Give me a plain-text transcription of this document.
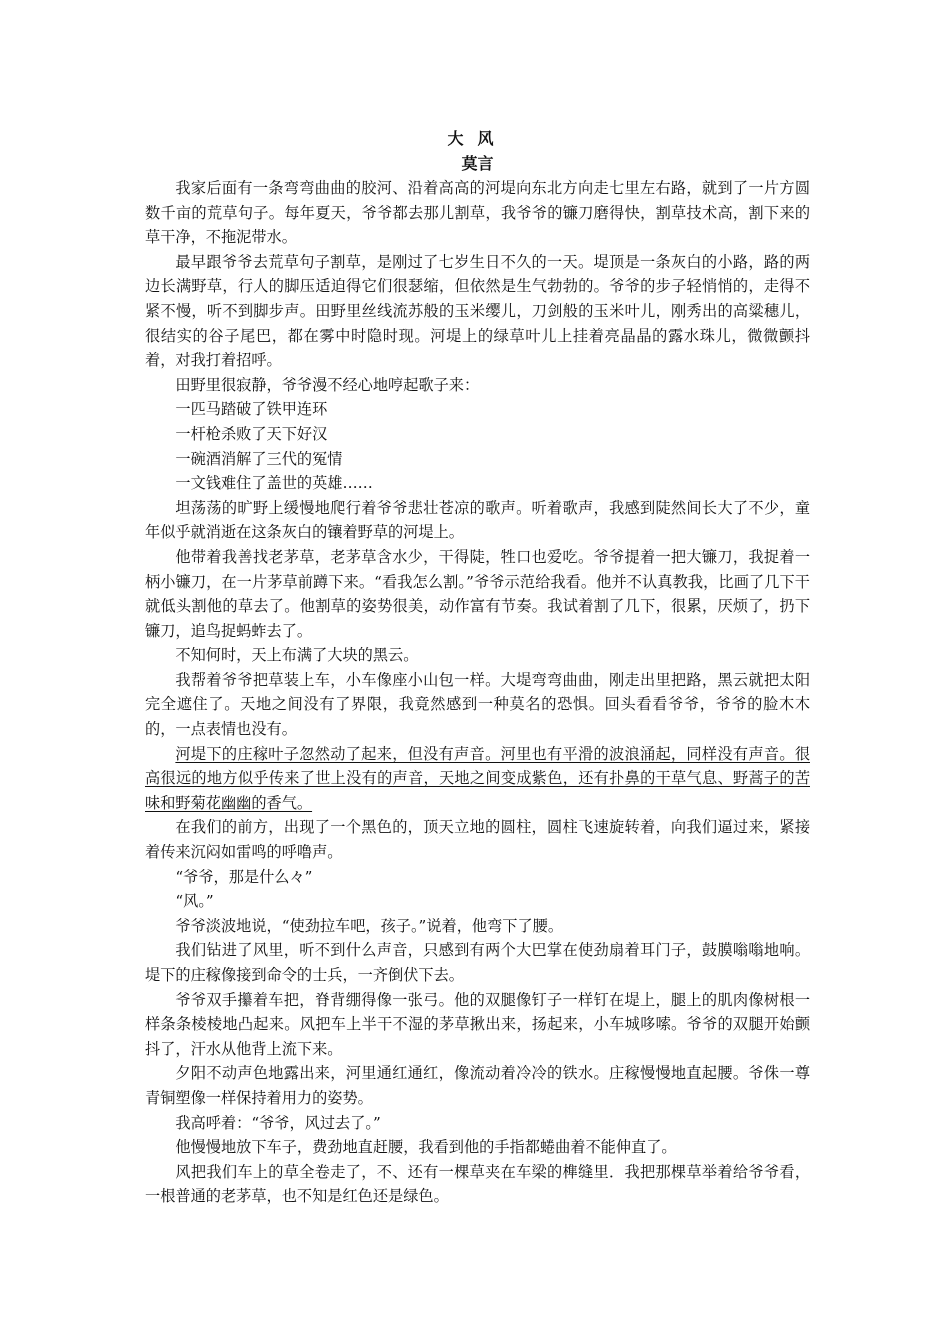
大风
莫言

我家后面有一条弯弯曲曲的胶河、沿着高高的河堤向东北方向走七里左右路，就到了一片方圆数千亩的荒草句子。每年夏天，爷爷都去那儿割草，我爷爷的镰刀磨得快，割草技术高，割下来的草干净，不拖泥带水。

最早跟爷爷去荒草句子割草，是刚过了七岁生日不久的一天。堤顶是一条灰白的小路，路的两边长满野草，行人的脚压适迫得它们很瑟缩，但依然是生气勃勃的。爷爷的步子轻悄悄的，走得不紧不慢，听不到脚步声。田野里丝线流苏般的玉米缨儿，刀剑般的玉米叶儿，刚秀出的高粱穗儿，很结实的谷子尾巴，都在雾中时隐时现。河堤上的绿草叶儿上挂着亮晶晶的露水珠儿，微微颤抖着，对我打着招呼。

田野里很寂静，爷爷漫不经心地哼起歌子来：

一匹马踏破了铁甲连环

一杆枪杀败了天下好汉

一碗酒消解了三代的冤情

一文钱难住了盖世的英雄……

坦荡荡的旷野上缓慢地爬行着爷爷悲壮苍凉的歌声。听着歌声，我感到陡然间长大了不少，童年似乎就消逝在这条灰白的镶着野草的河堤上。

他带着我善找老茅草，老茅草含水少，干得陡，牲口也爱吃。爷爷提着一把大镰刀，我捉着一柄小镰刀，在一片茅草前蹲下来。“看我怎么割。”爷爷示范给我看。他并不认真教我，比画了几下干就低头割他的草去了。他割草的姿势很美，动作富有节奏。我试着割了几下，很累，厌烦了，扔下镰刀，追鸟捉蚂蚱去了。

不知何时，天上布满了大块的黑云。

我帮着爷爷把草装上车，小车像座小山包一样。大堤弯弯曲曲，刚走出里把路，黑云就把太阳完全遮住了。天地之间没有了界限，我竟然感到一种莫名的恐惧。回头看看爷爷，爷爷的脸木木的，一点表情也没有。

河堤下的庄稼叶子忽然动了起来，但没有声音。河里也有平滑的波浪涌起，同样没有声音。很高很远的地方似乎传来了世上没有的声音，天地之间变成紫色，还有扑鼻的干草气息、野蒿子的苦味和野菊花幽幽的香气。

在我们的前方，出现了一个黑色的，顶天立地的圆柱，圆柱飞速旋转着，向我们逼过来，紧接着传来沉闷如雷鸣的呼噜声。

“爷爷，那是什么々”

“风。”

爷爷淡波地说，“使劲拉车吧，孩子。”说着，他弯下了腰。

我们钻进了风里，听不到什么声音，只感到有两个大巴掌在使劲扇着耳门子，鼓膜嗡嗡地响。堤下的庄稼像接到命令的士兵，一齐倒伏下去。

爷爷双手攥着车把，脊背绷得像一张弓。他的双腿像钉子一样钉在堤上，腿上的肌肉像树根一样条条棱棱地凸起来。风把车上半干不湿的茅草揪出来，扬起来，小车城哆嗦。爷爷的双腿开始颤抖了，汗水从他背上流下来。

夕阳不动声色地露出来，河里通红通红，像流动着冷冷的铁水。庄稼慢慢地直起腰。爷侏一尊青铜塑像一样保持着用力的姿势。

我高呼着：“爷爷，风过去了。”

他慢慢地放下车子，费劲地直赶腰，我看到他的手指都蜷曲着不能伸直了。

风把我们车上的草全卷走了，不、还有一棵草夹在车梁的榫缝里．我把那棵草举着给爷爷看，一根普通的老茅草，也不知是红色还是绿色。
